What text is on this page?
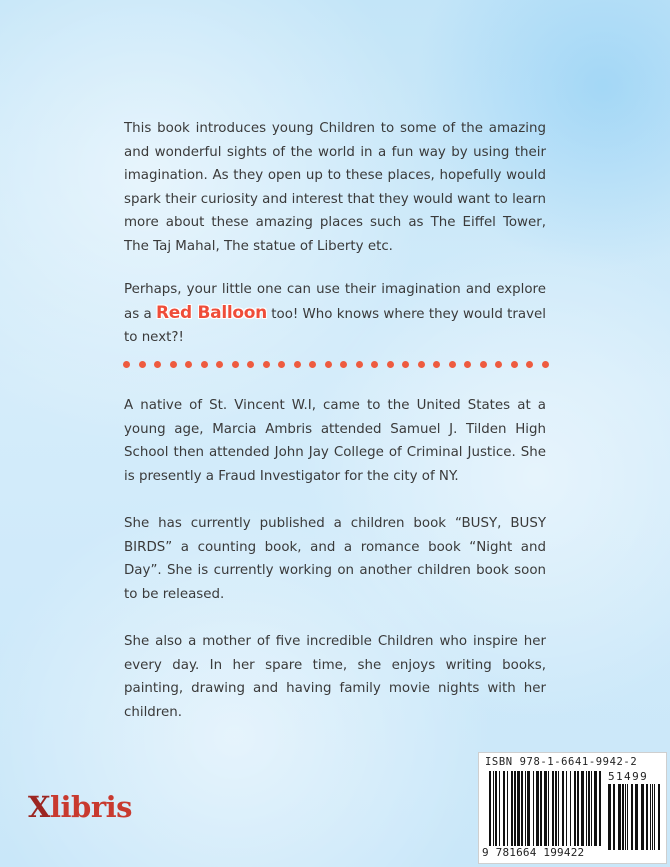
This book introduces young Children to some of the amazing and wonderful sights of the world in a fun way by using their imagination. As they open up to these places, hopefully would spark their curiosity and interest that they would want to learn more about these amazing places such as The Eiffel Tower, The Taj Mahal, The statue of Liberty etc.

Perhaps, your little one can use their imagination and explore as a Red Balloon too! Who knows where they would travel to next?!

A native of St. Vincent W.I, came to the United States at a young age, Marcia Ambris attended Samuel J. Tilden High School then attended John Jay College of Criminal Justice. She is presently a Fraud Investigator for the city of NY.

She has currently published a children book “BUSY, BUSY BIRDS” a counting book, and a romance book “Night and Day”. She is currently working on another children book soon to be released.

She also a mother of five incredible Children who inspire her every day. In her spare time, she enjoys writing books, painting, drawing and having family movie nights with her children.

Xlibris
ISBN 978-1-6641-9942-2
51499
9 781664 199422
